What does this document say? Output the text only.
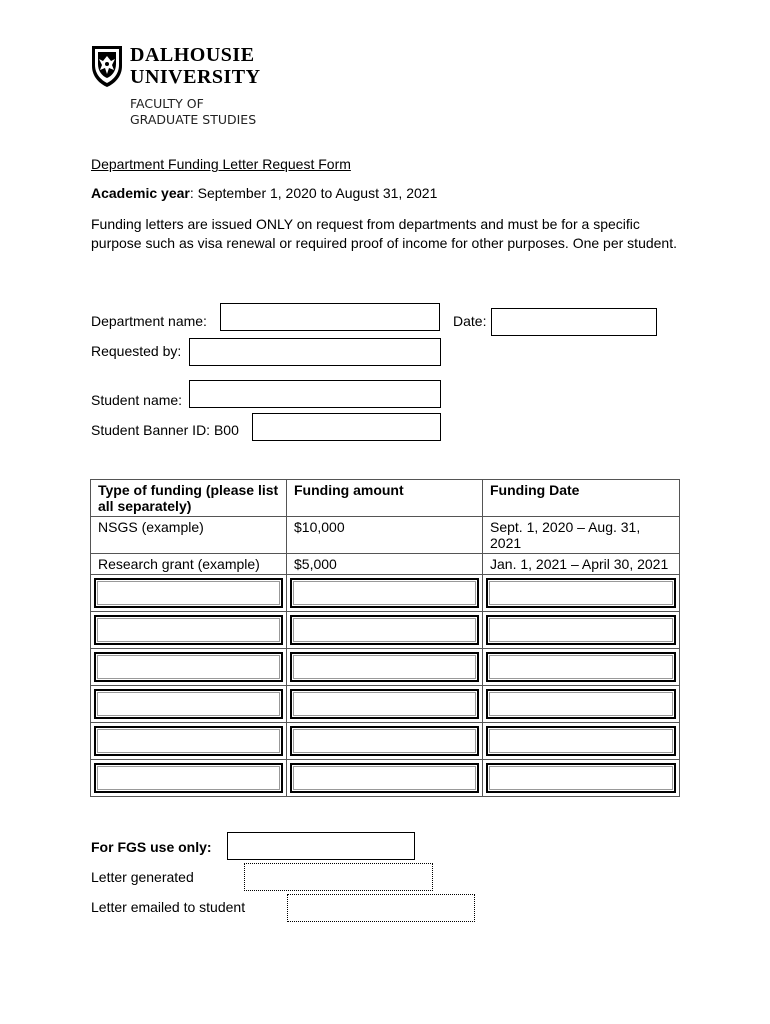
DALHOUSIE
UNIVERSITY
FACULTY OF
GRADUATE STUDIES
Department Funding Letter Request Form
Academic year: September 1, 2020 to August 31, 2021
Funding letters are issued ONLY on request from departments and must be for a specific purpose such as visa renewal or required proof of income for other purposes. One per student.
Department name:	Date:
Requested by:
Student name:
Student Banner ID: B00
Type of funding (please list all separately)	Funding amount	Funding Date
NSGS (example)	$10,000	Sept. 1, 2020 – Aug. 31, 2021
Research grant (example)	$5,000	Jan. 1, 2021 – April 30, 2021

For FGS use only:
Letter generated
Letter emailed to student
